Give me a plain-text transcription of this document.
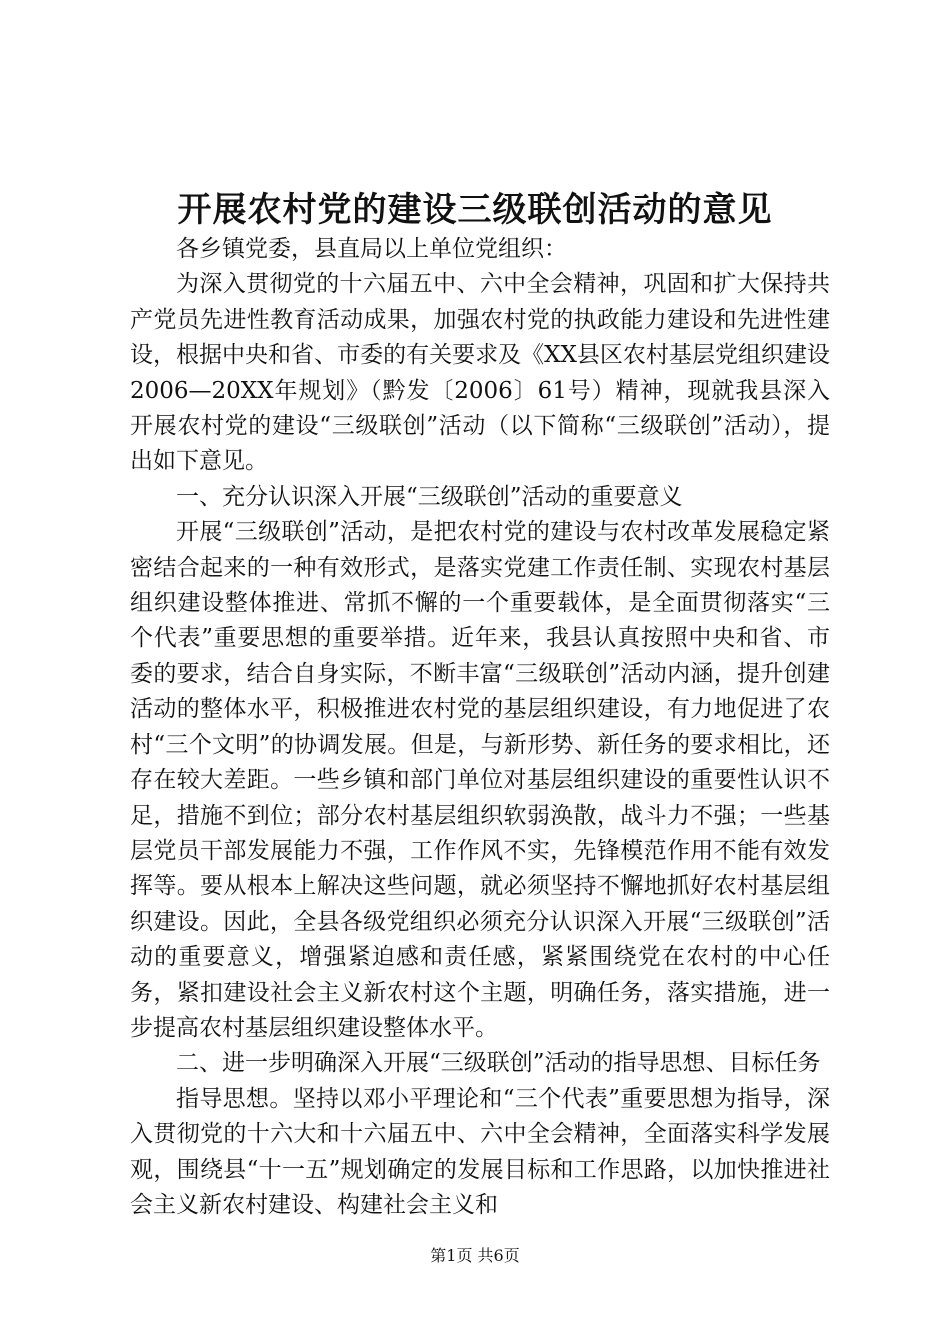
开展农村党的建设三级联创活动的意见

各乡镇党委，县直局以上单位党组织：

为深入贯彻党的十六届五中、六中全会精神，巩固和扩大保持共产党员先进性教育活动成果，加强农村党的执政能力建设和先进性建设，根据中央和省、市委的有关要求及《XX县区农村基层党组织建设2006—20XX年规划》（黔发〔2006〕61号）精神，现就我县深入开展农村党的建设“三级联创”活动（以下简称“三级联创”活动），提出如下意见。

一、充分认识深入开展“三级联创”活动的重要意义

开展“三级联创”活动，是把农村党的建设与农村改革发展稳定紧密结合起来的一种有效形式，是落实党建工作责任制、实现农村基层组织建设整体推进、常抓不懈的一个重要载体，是全面贯彻落实“三个代表”重要思想的重要举措。近年来，我县认真按照中央和省、市委的要求，结合自身实际，不断丰富“三级联创”活动内涵，提升创建活动的整体水平，积极推进农村党的基层组织建设，有力地促进了农村“三个文明”的协调发展。但是，与新形势、新任务的要求相比，还存在较大差距。一些乡镇和部门单位对基层组织建设的重要性认识不足，措施不到位；部分农村基层组织软弱涣散，战斗力不强；一些基层党员干部发展能力不强，工作作风不实，先锋模范作用不能有效发挥等。要从根本上解决这些问题，就必须坚持不懈地抓好农村基层组织建设。因此，全县各级党组织必须充分认识深入开展“三级联创”活动的重要意义，增强紧迫感和责任感，紧紧围绕党在农村的中心任务，紧扣建设社会主义新农村这个主题，明确任务，落实措施，进一步提高农村基层组织建设整体水平。

二、进一步明确深入开展“三级联创”活动的指导思想、目标任务

指导思想。坚持以邓小平理论和“三个代表”重要思想为指导，深入贯彻党的十六大和十六届五中、六中全会精神，全面落实科学发展观，围绕县“十一五”规划确定的发展目标和工作思路，以加快推进社会主义新农村建设、构建社会主义和

第1页 共6页
